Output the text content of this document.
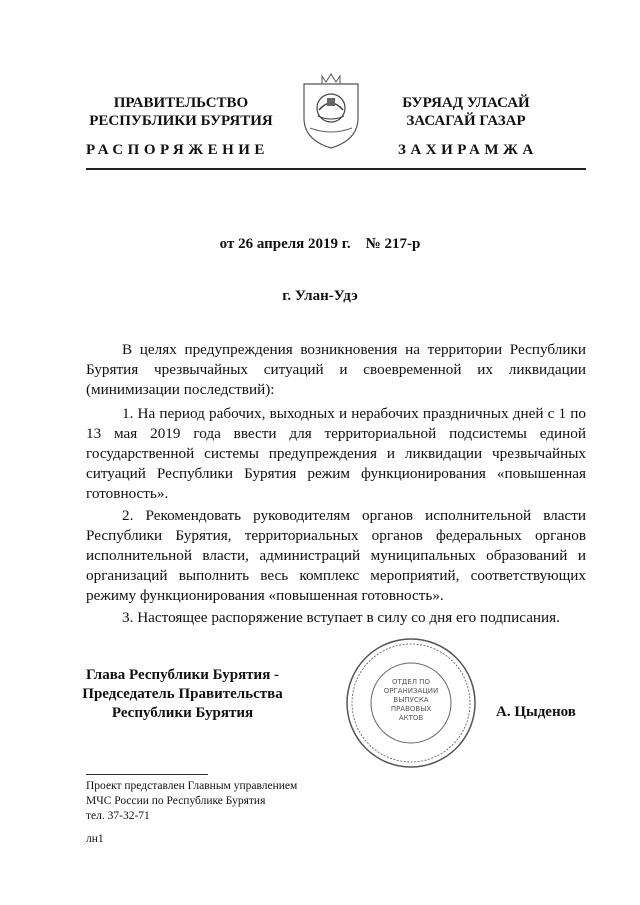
ПРАВИТЕЛЬСТВО
РЕСПУБЛИКИ БУРЯТИЯ
БУРЯАД УЛАСАЙ
ЗАСАГАЙ ГАЗАР
РАСПОРЯЖЕНИЕ	ЗАХИРАМЖА
от 26 апреля 2019 г.    № 217-р
г. Улан-Удэ

В целях предупреждения возникновения на территории Республики Бурятия чрезвычайных ситуаций и своевременной их ликвидации (минимизации последствий):

1. На период рабочих, выходных и нерабочих праздничных дней с 1 по 13 мая 2019 года ввести для территориальной подсистемы единой государственной системы предупреждения и ликвидации чрезвычайных ситуаций Республики Бурятия режим функционирования «повышенная готовность».

2. Рекомендовать руководителям органов исполнительной власти Республики Бурятия, территориальных органов федеральных органов исполнительной власти, администраций муниципальных образований и организаций выполнить весь комплекс мероприятий, соответствующих режиму функционирования «повышенная готовность».

3. Настоящее распоряжение вступает в силу со дня его подписания.

Глава Республики Бурятия -
Председатель Правительства
Республики Бурятия
ОТДЕЛ ПО ОРГАНИЗАЦИИ ВЫПУСКА ПРАВОВЫХ АКТОВ	А. Цыденов
Проект представлен Главным управлением
МЧС России по Республике Бурятия
тел. 37-32-71
лн1
